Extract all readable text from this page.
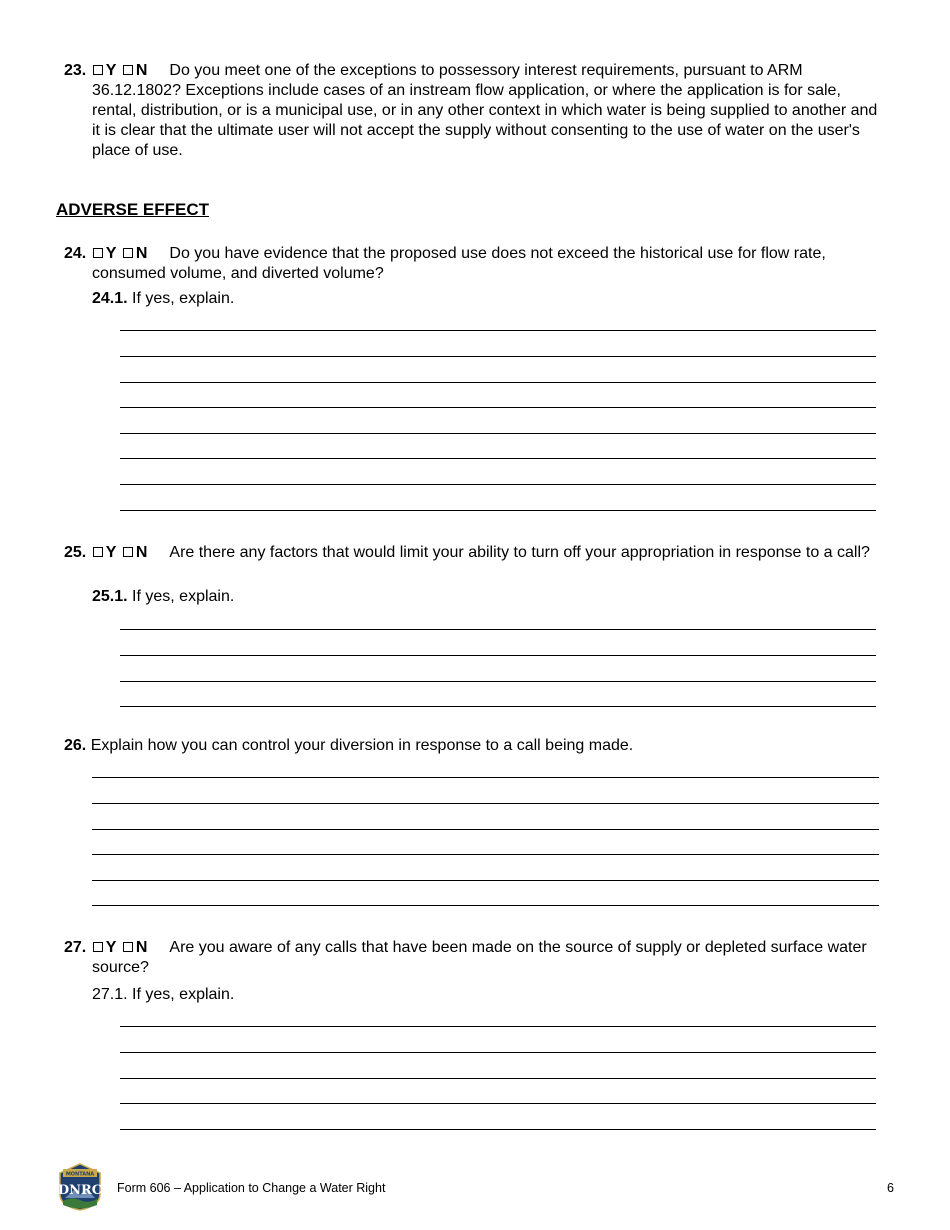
23. Y N Do you meet one of the exceptions to possessory interest requirements, pursuant to ARM 36.12.1802? Exceptions include cases of an instream flow application, or where the application is for sale, rental, distribution, or is a municipal use, or in any other context in which water is being supplied to another and it is clear that the ultimate user will not accept the supply without consenting to the use of water on the user's place of use.
ADVERSE EFFECT
24. Y N Do you have evidence that the proposed use does not exceed the historical use for flow rate, consumed volume, and diverted volume?
24.1. If yes, explain.
25. Y N Are there any factors that would limit your ability to turn off your appropriation in response to a call?
25.1. If yes, explain.
26. Explain how you can control your diversion in response to a call being made.
27. Y N Are you aware of any calls that have been made on the source of supply or depleted surface water source?
27.1. If yes, explain.
MONTANA
DNRC Form 606 – Application to Change a Water Right	6
